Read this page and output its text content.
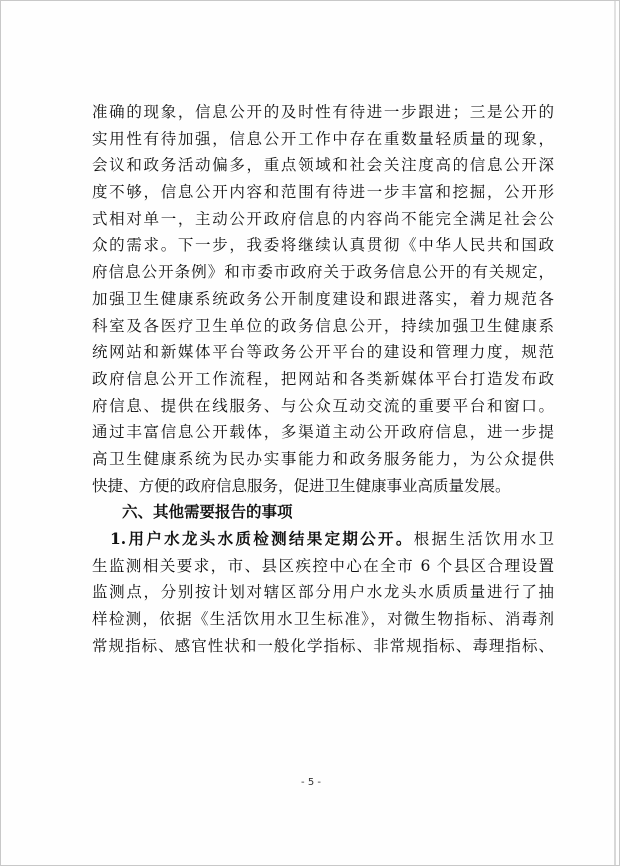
准确的现象，信息公开的及时性有待进一步跟进；三是公开的
实用性有待加强，信息公开工作中存在重数量轻质量的现象，
会议和政务活动偏多，重点领域和社会关注度高的信息公开深
度不够，信息公开内容和范围有待进一步丰富和挖掘，公开形
式相对单一，主动公开政府信息的内容尚不能完全满足社会公
众的需求。下一步，我委将继续认真贯彻《中华人民共和国政
府信息公开条例》和市委市政府关于政务信息公开的有关规定，
加强卫生健康系统政务公开制度建设和跟进落实，着力规范各
科室及各医疗卫生单位的政务信息公开，持续加强卫生健康系
统网站和新媒体平台等政务公开平台的建设和管理力度，规范
政府信息公开工作流程，把网站和各类新媒体平台打造发布政
府信息、提供在线服务、与公众互动交流的重要平台和窗口。
通过丰富信息公开载体，多渠道主动公开政府信息，进一步提
高卫生健康系统为民办实事能力和政务服务能力，为公众提供
快捷、方便的政府信息服务，促进卫生健康事业高质量发展。
六、其他需要报告的事项
1.用户水龙头水质检测结果定期公开。根据生活饮用水卫
生监测相关要求，市、县区疾控中心在全市 6 个县区合理设置
监测点，分别按计划对辖区部分用户水龙头水质质量进行了抽
样检测，依据《生活饮用水卫生标准》，对微生物指标、消毒剂
常规指标、感官性状和一般化学指标、非常规指标、毒理指标、
- 5 -
